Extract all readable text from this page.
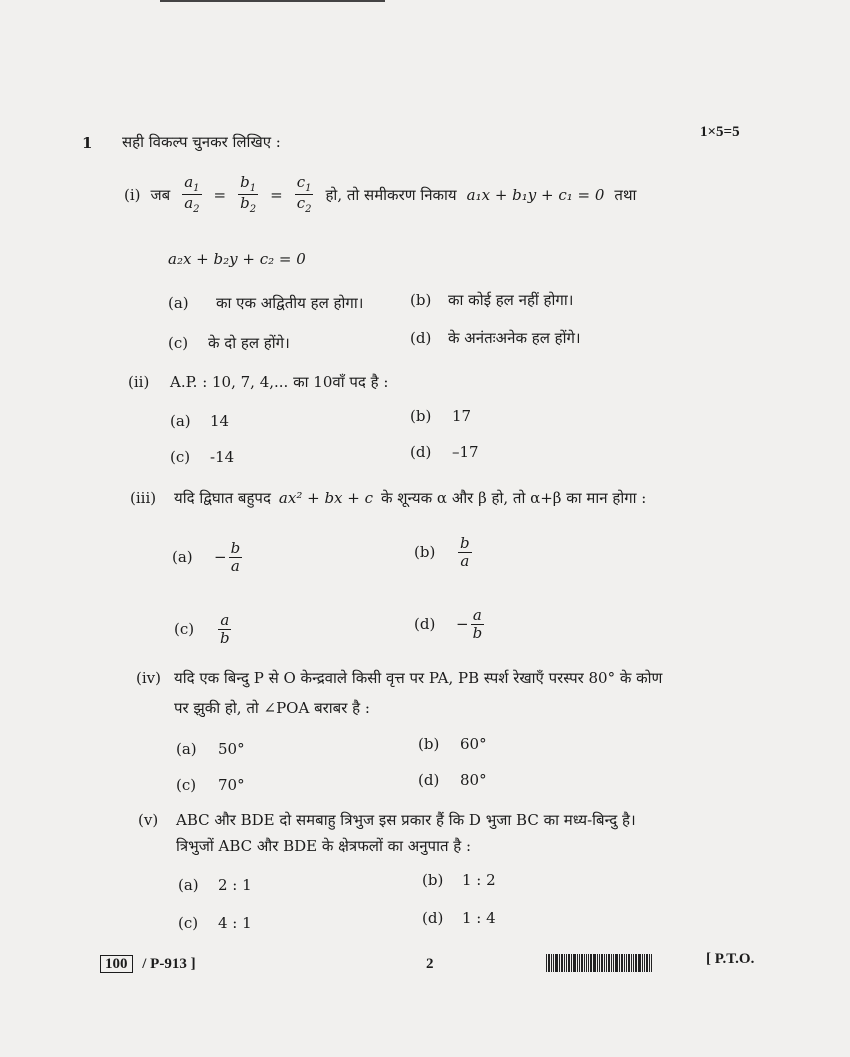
1 सही विकल्प चुनकर लिखिए :
1×5=5
(i) जब $\frac{a_1}{a_2} = \frac{b_1}{b_2} = \frac{c_1}{c_2}$ हो, तो समीकरण निकाय a₁x + b₁y + c₁ = 0 तथा
a₂x + b₂y + c₂ = 0
(a) का एक अद्वितीय हल होगा।	(b) का कोई हल नहीं होगा।
(c) के दो हल होंगे।	(d) के अनंतःअनेक हल होंगे।
(ii) A.P. : 10, 7, 4,... का 10वाँ पद है :
(a) 14	(b) 17
(c) -14	(d) –17
(iii)	यदि द्विघात बहुपद ax² + bx + c के शून्यक α और β हो, तो α+β का मान होगा :
(a)	− $\frac{b}{a}$	(b)	$\frac{b}{a}$
(c)	$\frac{a}{b}$	(d)	− $\frac{a}{b}$
(iv) यदि एक बिन्दु P से O केन्द्रवाले किसी वृत्त पर PA, PB स्पर्श रेखाएँ परस्पर 80° के कोण
पर झुकी हो, तो ∠POA बराबर है :
(a) 50°	(b) 60°
(c) 70°	(d) 80°
(v) ABC और BDE दो समबाहु त्रिभुज इस प्रकार हैं कि D भुजा BC का मध्य-बिन्दु है।
त्रिभुजों ABC और BDE के क्षेत्रफलों का अनुपात है :
(a) 2 : 1	(b) 1 : 2
(c) 4 : 1	(d) 1 : 4
100 / P-913 ]	2	[ P.T.O.
